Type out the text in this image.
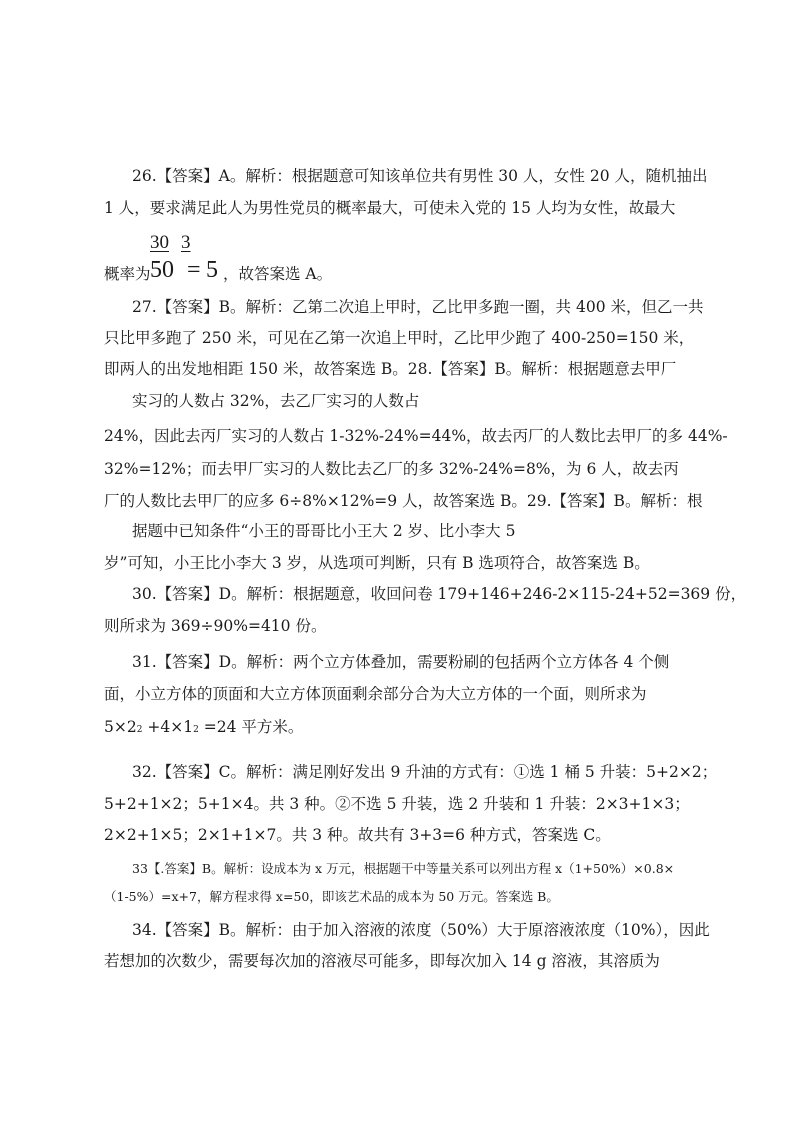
26.【答案】A。解析：根据题意可知该单位共有男性 30 人，女性 20 人，随机抽出
1 人，要求满足此人为男性党员的概率最大，可使未入党的 15 人均为女性，故最大
30 3
概率为 50 = 5 ，故答案选 A。
27.【答案】B。解析：乙第二次追上甲时，乙比甲多跑一圈，共 400 米，但乙一共
只比甲多跑了 250 米，可见在乙第一次追上甲时，乙比甲少跑了 400-250=150 米，
即两人的出发地相距 150 米，故答案选 B。28.【答案】B。解析：根据题意去甲厂
实习的人数占 32%，去乙厂实习的人数占
24%，因此去丙厂实习的人数占 1-32%-24%=44%，故去丙厂的人数比去甲厂的多 44%-
32%=12%；而去甲厂实习的人数比去乙厂的多 32%-24%=8%，为 6 人，故去丙
厂的人数比去甲厂的应多 6÷8%×12%=9 人，故答案选 B。29.【答案】B。解析：根
据题中已知条件“小王的哥哥比小王大 2 岁、比小李大 5
岁”可知，小王比小李大 3 岁，从选项可判断，只有 B 选项符合，故答案选 B。
30.【答案】D。解析：根据题意，收回问卷 179+146+246-2×115-24+52=369 份，
则所求为 369÷90%=410 份。
31.【答案】D。解析：两个立方体叠加，需要粉刷的包括两个立方体各 4 个侧
面，小立方体的顶面和大立方体顶面剩余部分合为大立方体的一个面，则所求为
5×22 +4×12 =24 平方米。
32.【答案】C。解析：满足刚好发出 9 升油的方式有：①选 1 桶 5 升装：5+2×2；
5+2+1×2；5+1×4。共 3 种。②不选 5 升装，选 2 升装和 1 升装：2×3+1×3；
2×2+1×5；2×1+1×7。共 3 种。故共有 3+3=6 种方式，答案选 C。
33【.答案】B。解析：设成本为 x 万元，根据题干中等量关系可以列出方程 x（1+50%）×0.8×
（1-5%）=x+7，解方程求得 x=50，即该艺术品的成本为 50 万元。答案选 B。
34.【答案】B。解析：由于加入溶液的浓度（50%）大于原溶液浓度（10%），因此
若想加的次数少，需要每次加的溶液尽可能多，即每次加入 14 g 溶液，其溶质为
